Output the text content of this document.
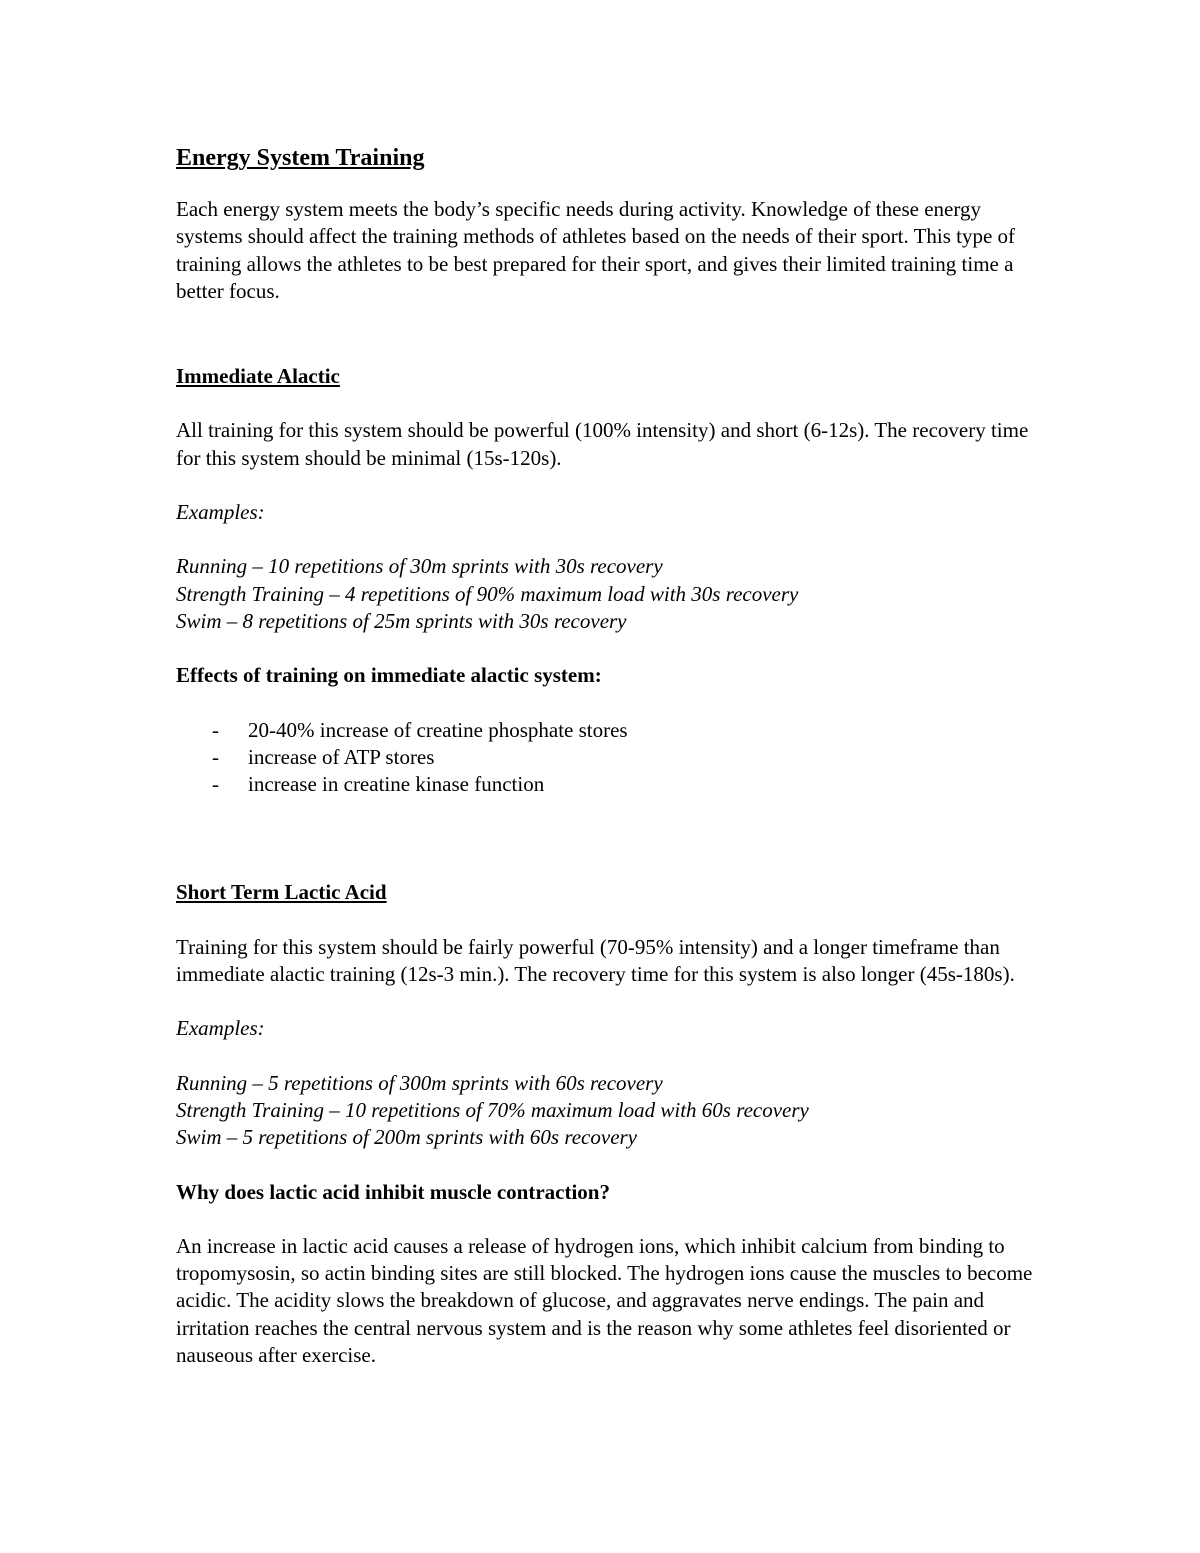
Energy System Training

Each energy system meets the body’s specific needs during activity. Knowledge of these energy systems should affect the training methods of athletes based on the needs of their sport. This type of training allows the athletes to be best prepared for their sport, and gives their limited training time a better focus.

Immediate Alactic

All training for this system should be powerful (100% intensity) and short (6-12s). The recovery time for this system should be minimal (15s-120s).

Examples:

Running – 10 repetitions of 30m sprints with 30s recovery

Strength Training – 4 repetitions of 90% maximum load with 30s recovery

Swim – 8 repetitions of 25m sprints with 30s recovery

Effects of training on immediate alactic system:

- 20-40% increase of creatine phosphate stores
- increase of ATP stores
- increase in creatine kinase function

Short Term Lactic Acid

Training for this system should be fairly powerful (70-95% intensity) and a longer timeframe than immediate alactic training (12s-3 min.). The recovery time for this system is also longer (45s-180s).

Examples:

Running – 5 repetitions of 300m sprints with 60s recovery

Strength Training – 10 repetitions of 70% maximum load with 60s recovery

Swim – 5 repetitions of 200m sprints with 60s recovery

Why does lactic acid inhibit muscle contraction?

An increase in lactic acid causes a release of hydrogen ions, which inhibit calcium from binding to tropomysosin, so actin binding sites are still blocked. The hydrogen ions cause the muscles to become acidic. The acidity slows the breakdown of glucose, and aggravates nerve endings. The pain and irritation reaches the central nervous system and is the reason why some athletes feel disoriented or nauseous after exercise.
